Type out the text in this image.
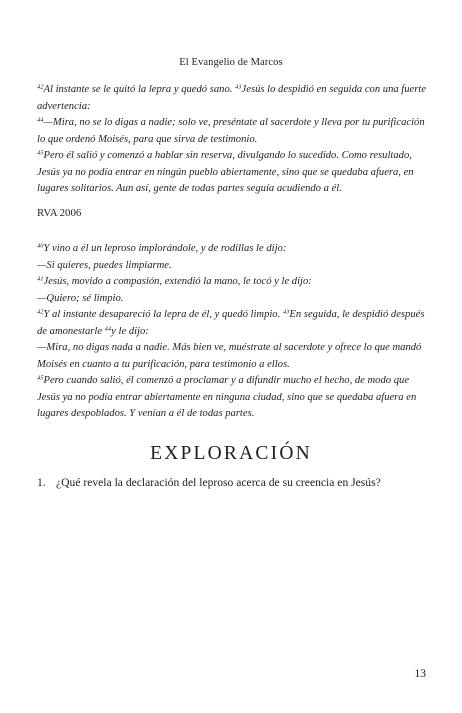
El Evangelio de Marcos

$^{42}$Al instante se le quitó la lepra y quedó sano. $^{43}$Jesús lo despidió en seguida con una fuerte advertencia:

$^{44}$—Mira, no se lo digas a nadie; solo ve, preséntate al sacerdote y lleva por tu purificación lo que ordenó Moisés, para que sirva de testimonio.

$^{45}$Pero él salió y comenzó a hablar sin reserva, divulgando lo sucedido. Como resultado, Jesús ya no podía entrar en ningún pueblo abiertamente, sino que se quedaba afuera, en lugares solitarios. Aun así, gente de todas partes seguía acudiendo a él.

RVA 2006

$^{40}$Y vino a él un leproso implorándole, y de rodillas le dijo:

—Si quieres, puedes limpiarme.

$^{41}$Jesús, movido a compasión, extendió la mano, le tocó y le dijo:

—Quiero; sé limpio.

$^{42}$Y al instante desapareció la lepra de él, y quedó limpio. $^{43}$En seguida, le despidió después de amonestarle $^{44}$y le dijo:

—Mira, no digas nada a nadie. Más bien ve, muéstrate al sacerdote y ofrece lo que mandó Moisés en cuanto a tu purificación, para testimonio a ellos.

$^{45}$Pero cuando salió, él comenzó a proclamar y a difundir mucho el hecho, de modo que Jesús ya no podía entrar abiertamente en ninguna ciudad, sino que se quedaba afuera en lugares despoblados. Y venían a él de todas partes.

EXPLORACIÓN
1. ¿Qué revela la declaración del leproso acerca de su creencia en Jesús?
13
